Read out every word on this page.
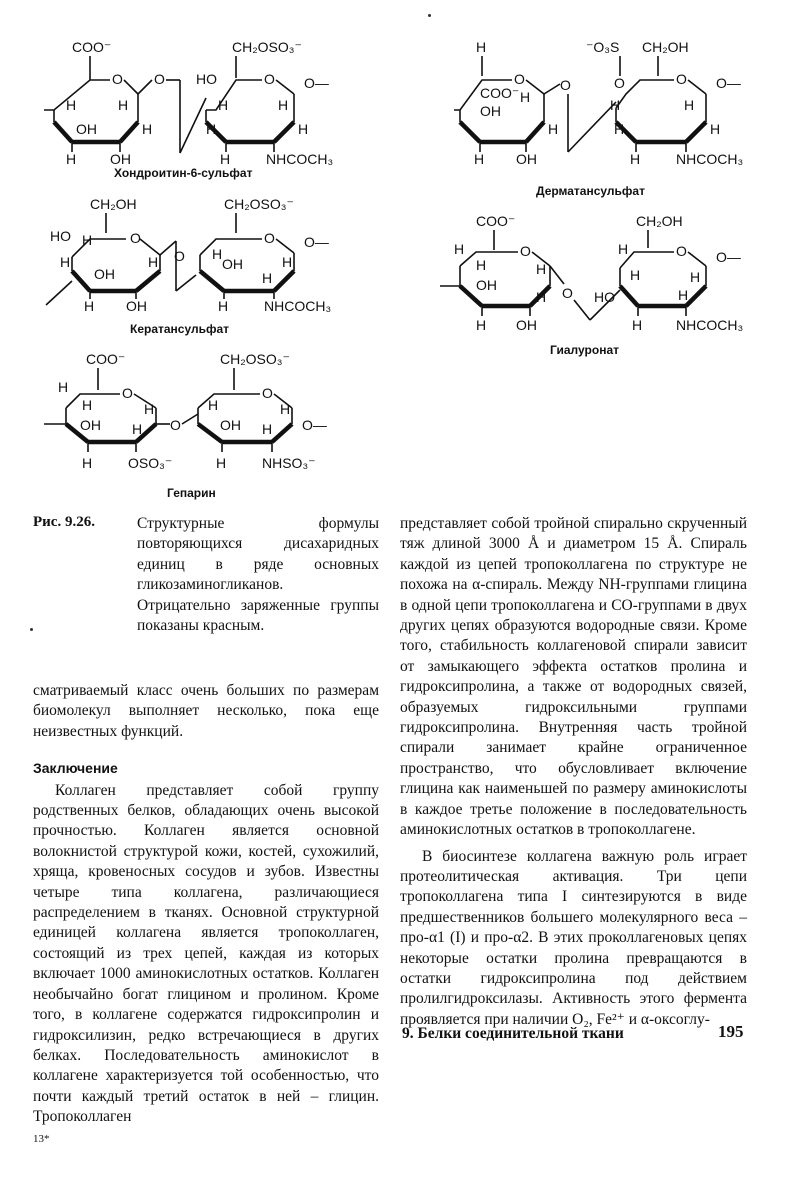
COO⁻
O O
H	H
OH	H
H OH
HO
CH₂OSO₃⁻
O O—
H	H
H	H
H	NHCOCH₃
Хондроитин-6-сульфат
CH₂OH
HO H	O
H
OH
H
H OH
O
CH₂OSO₃⁻
O O—
H
OH	H
H
H	NHCOCH₃
Кератансульфат
COO⁻
H	O
H
OH
H
H
H	OSO₃⁻
O
CH₂OSO₃⁻
O
O—
H
OH
H
H
H	NHSO₃⁻
Гепарин
H
O
COO⁻
OH
H
H
H OH
O
⁻O₃S CH₂OH
O	O O—
H	H
H	H
H	NHCOCH₃
Дерматансульфат
COO⁻
O
H
H
OH
H
H
H OH
O
CH₂OH
O O—
H
HO
H	H
H
H NHCOCH₃
Гиалуронат
Рис. 9.26.	Структурные формулы повторяющихся дисахаридных единиц в ряде основных гликозаминогликанов. Отрицательно заряженные группы показаны красным.

сматриваемый класс очень больших по размерам биомолекул выполняет несколько, пока еще неизвестных функций.

Заключение

Коллаген представляет собой группу родственных белков, обладающих очень высокой прочностью. Коллаген является основной волокнистой структурой кожи, костей, сухожилий, хряща, кровеносных сосудов и зубов. Известны четыре типа коллагена, различающиеся распределением в тканях. Основной структурной единицей коллагена является тропоколлаген, состоящий из трех цепей, каждая из которых включает 1000 аминокислотных остатков. Коллаген необычайно богат глицином и пролином. Кроме того, в коллагене содержатся гидроксипролин и гидроксилизин, редко встречающиеся в других белках. Последовательность аминокислот в коллагене характеризуется той особенностью, что почти каждый третий остаток в ней – глицин. Тропоколлаген

представляет собой тройной спирально скрученный тяж длиной 3000 Å и диаметром 15 Å. Спираль каждой из цепей тропоколлагена по структуре не похожа на α-спираль. Между NH-группами глицина в одной цепи тропоколлагена и CO-группами в двух других цепях образуются водородные связи. Кроме того, стабильность коллагеновой спирали зависит от замыкающего эффекта остатков пролина и гидроксипролина, а также от водородных связей, образуемых гидроксильными группами гидроксипролина. Внутренняя часть тройной спирали занимает крайне ограниченное пространство, что обусловливает включение глицина как наименьшей по размеру аминокислоты в каждое третье положение в последовательность аминокислотных остатков в тропоколлагене.

В биосинтезе коллагена важную роль играет протеолитическая активация. Три цепи тропоколлагена типа I синтезируются в виде предшественников большего молекулярного веса – про-α1 (I) и про-α2. В этих проколлагеновых цепях некоторые остатки пролина превращаются в остатки гидроксипролина под действием пролилгидроксилазы. Активность этого фермента проявляется при наличии O₂, Fe²⁺ и α-оксоглу-

9. Белки соединительной ткани	195
13*
